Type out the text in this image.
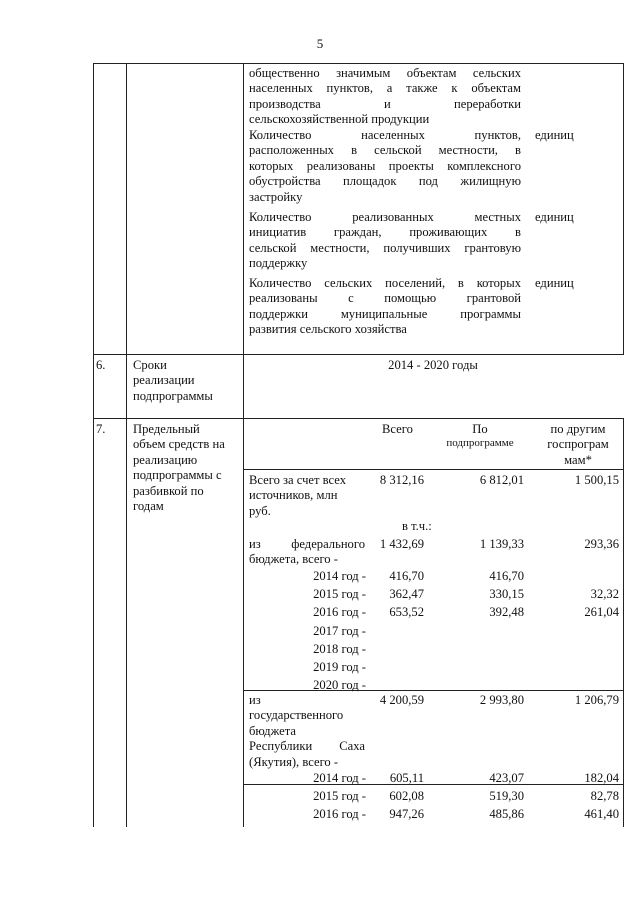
5
общественно значимым объектам сельских
населенных пунктов, а также к объектам
производства и переработки
сельскохозяйственной продукции
Количество населенных пунктов,
расположенных в сельской местности, в
которых реализованы проекты комплексного
обустройства площадок под жилищную
застройку
единиц
Количество реализованных местных
инициатив граждан, проживающих в
сельской местности, получивших грантовую
поддержку
единиц
Количество сельских поселений, в которых
реализованы с помощью грантовой
поддержки муниципальные программы
развития сельского хозяйства
единиц
6.	Сроки
реализации
подпрограммы
2014 - 2020 годы
7.	Предельный
объем средств на
реализацию
подпрограммы с
разбивкой по
годам
Всего	По
подпрограмме
по другим
госпрограм
мам*
Всего за счет всех
источников, млн
руб.
8 312,16	6 812,01	1 500,15
в т.ч.:
из федерального
бюджета, всего -
1 432,69	1 139,33	293,36
2014 год -	416,70	416,70
2015 год -	362,47	330,15	32,32
2016 год -	653,52	392,48	261,04
2017 год -
2018 год -
2019 год -
2020 год -
из
государственного
бюджета
Республики Саха
(Якутия), всего -
4 200,59	2 993,80	1 206,79
2014 год -	605,11	423,07	182,04
2015 год -	602,08	519,30	82,78
2016 год -	947,26	485,86	461,40
